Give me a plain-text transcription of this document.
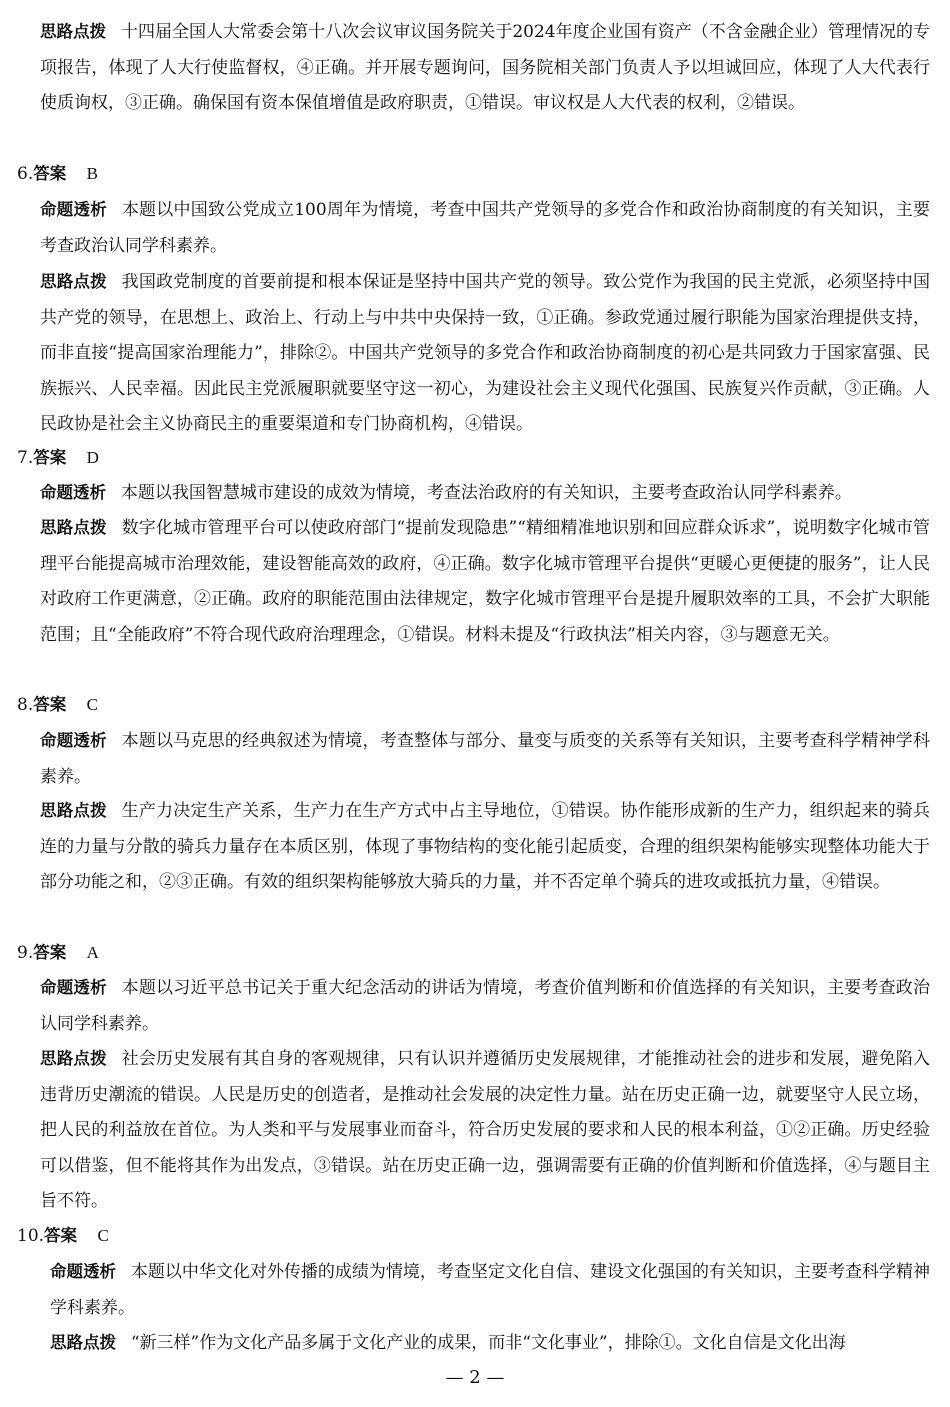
思路点拨 十四届全国人大常委会第十八次会议审议国务院关于2024年度企业国有资产（不含金融企业）管理情况的专项报告，体现了人大行使监督权，④正确。并开展专题询问，国务院相关部门负责人予以坦诚回应，体现了人大代表行使质询权，③正确。确保国有资本保值增值是政府职责，①错误。审议权是人大代表的权利，②错误。

6.答案 B

命题透析 本题以中国致公党成立100周年为情境，考查中国共产党领导的多党合作和政治协商制度的有关知识，主要考查政治认同学科素养。

思路点拨 我国政党制度的首要前提和根本保证是坚持中国共产党的领导。致公党作为我国的民主党派，必须坚持中国共产党的领导，在思想上、政治上、行动上与中共中央保持一致，①正确。参政党通过履行职能为国家治理提供支持，而非直接“提高国家治理能力”，排除②。中国共产党领导的多党合作和政治协商制度的初心是共同致力于国家富强、民族振兴、人民幸福。因此民主党派履职就要坚守这一初心，为建设社会主义现代化强国、民族复兴作贡献，③正确。人民政协是社会主义协商民主的重要渠道和专门协商机构，④错误。

7.答案 D

命题透析 本题以我国智慧城市建设的成效为情境，考查法治政府的有关知识，主要考查政治认同学科素养。

思路点拨 数字化城市管理平台可以使政府部门“提前发现隐患”“精细精准地识别和回应群众诉求”，说明数字化城市管理平台能提高城市治理效能，建设智能高效的政府，④正确。数字化城市管理平台提供“更暖心更便捷的服务”，让人民对政府工作更满意，②正确。政府的职能范围由法律规定，数字化城市管理平台是提升履职效率的工具，不会扩大职能范围；且“全能政府”不符合现代政府治理理念，①错误。材料未提及“行政执法”相关内容，③与题意无关。

8.答案 C

命题透析 本题以马克思的经典叙述为情境，考查整体与部分、量变与质变的关系等有关知识，主要考查科学精神学科素养。

思路点拨 生产力决定生产关系，生产力在生产方式中占主导地位，①错误。协作能形成新的生产力，组织起来的骑兵连的力量与分散的骑兵力量存在本质区别，体现了事物结构的变化能引起质变，合理的组织架构能够实现整体功能大于部分功能之和，②③正确。有效的组织架构能够放大骑兵的力量，并不否定单个骑兵的进攻或抵抗力量，④错误。

9.答案 A

命题透析 本题以习近平总书记关于重大纪念活动的讲话为情境，考查价值判断和价值选择的有关知识，主要考查政治认同学科素养。

思路点拨 社会历史发展有其自身的客观规律，只有认识并遵循历史发展规律，才能推动社会的进步和发展，避免陷入违背历史潮流的错误。人民是历史的创造者，是推动社会发展的决定性力量。站在历史正确一边，就要坚守人民立场，把人民的利益放在首位。为人类和平与发展事业而奋斗，符合历史发展的要求和人民的根本利益，①②正确。历史经验可以借鉴，但不能将其作为出发点，③错误。站在历史正确一边，强调需要有正确的价值判断和价值选择，④与题目主旨不符。

10.答案 C

命题透析 本题以中华文化对外传播的成绩为情境，考查坚定文化自信、建设文化强国的有关知识，主要考查科学精神学科素养。

思路点拨 “新三样”作为文化产品多属于文化产业的成果，而非“文化事业”，排除①。文化自信是文化出海

— 2 —
